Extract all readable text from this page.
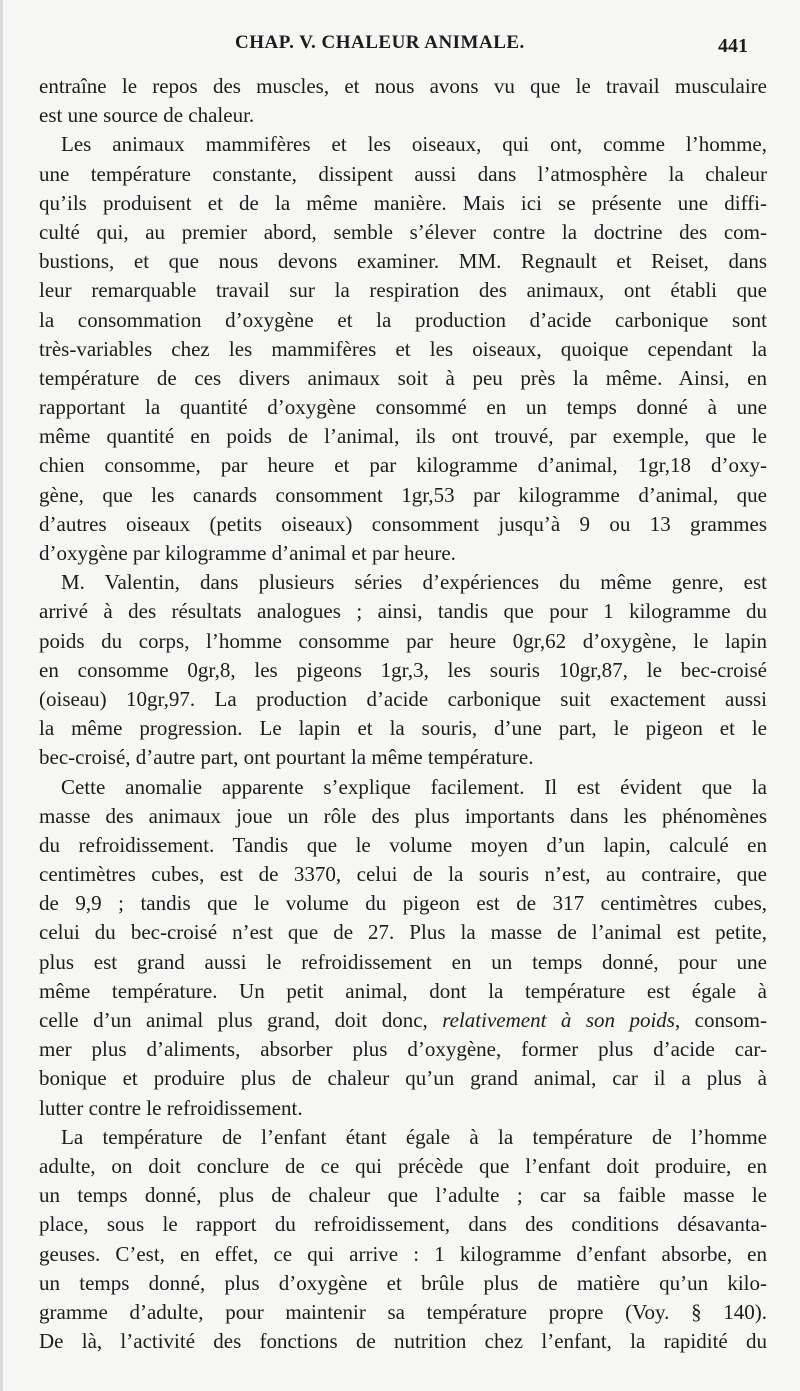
CHAP. V. CHALEUR ANIMALE.	441
entraîne le repos des muscles, et nous avons vu que le travail musculaire
est une source de chaleur.
Les animaux mammifères et les oiseaux, qui ont, comme l’homme,
une température constante, dissipent aussi dans l’atmosphère la chaleur
qu’ils produisent et de la même manière. Mais ici se présente une diffi-
culté qui, au premier abord, semble s’élever contre la doctrine des com-
bustions, et que nous devons examiner. MM. Regnault et Reiset, dans
leur remarquable travail sur la respiration des animaux, ont établi que
la consommation d’oxygène et la production d’acide carbonique sont
très-variables chez les mammifères et les oiseaux, quoique cependant la
température de ces divers animaux soit à peu près la même. Ainsi, en
rapportant la quantité d’oxygène consommé en un temps donné à une
même quantité en poids de l’animal, ils ont trouvé, par exemple, que le
chien consomme, par heure et par kilogramme d’animal, 1gr,18 d’oxy-
gène, que les canards consomment 1gr,53 par kilogramme d’animal, que
d’autres oiseaux (petits oiseaux) consomment jusqu’à 9 ou 13 grammes
d’oxygène par kilogramme d’animal et par heure.
M. Valentin, dans plusieurs séries d’expériences du même genre, est
arrivé à des résultats analogues ; ainsi, tandis que pour 1 kilogramme du
poids du corps, l’homme consomme par heure 0gr,62 d’oxygène, le lapin
en consomme 0gr,8, les pigeons 1gr,3, les souris 10gr,87, le bec-croisé
(oiseau) 10gr,97. La production d’acide carbonique suit exactement aussi
la même progression. Le lapin et la souris, d’une part, le pigeon et le
bec-croisé, d’autre part, ont pourtant la même température.
Cette anomalie apparente s’explique facilement. Il est évident que la
masse des animaux joue un rôle des plus importants dans les phénomènes
du refroidissement. Tandis que le volume moyen d’un lapin, calculé en
centimètres cubes, est de 3370, celui de la souris n’est, au contraire, que
de 9,9 ; tandis que le volume du pigeon est de 317 centimètres cubes,
celui du bec-croisé n’est que de 27. Plus la masse de l’animal est petite,
plus est grand aussi le refroidissement en un temps donné, pour une
même température. Un petit animal, dont la température est égale à
celle d’un animal plus grand, doit donc, relativement à son poids, consom-
mer plus d’aliments, absorber plus d’oxygène, former plus d’acide car-
bonique et produire plus de chaleur qu’un grand animal, car il a plus à
lutter contre le refroidissement.
La température de l’enfant étant égale à la température de l’homme
adulte, on doit conclure de ce qui précède que l’enfant doit produire, en
un temps donné, plus de chaleur que l’adulte ; car sa faible masse le
place, sous le rapport du refroidissement, dans des conditions désavanta-
geuses. C’est, en effet, ce qui arrive : 1 kilogramme d’enfant absorbe, en
un temps donné, plus d’oxygène et brûle plus de matière qu’un kilo-
gramme d’adulte, pour maintenir sa température propre (Voy. § 140).
De là, l’activité des fonctions de nutrition chez l’enfant, la rapidité du
